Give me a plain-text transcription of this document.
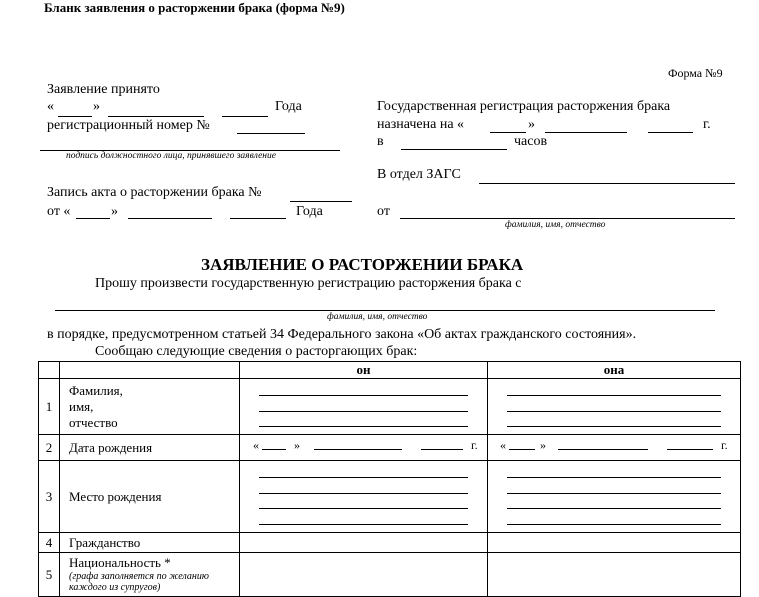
Бланк заявления о расторжении брака (форма №9)
Форма №9
Заявление принято
«	»	Года
регистрационный номер №
подпись должностного лица, принявшего заявление
Запись акта о расторжении брака №
от «	»	Года
Государственная регистрация расторжения брака
назначена на «	»	г.
в	часов
В отдел ЗАГС
от
фамилия, имя, отчество
ЗАЯВЛЕНИЕ О РАСТОРЖЕНИИ БРАКА
Прошу произвести государственную регистрацию расторжения брака с
фамилия, имя, отчество
в порядке, предусмотренном статьей 34 Федерального закона «Об актах гражданского состояния».
Сообщаю следующие сведения о расторгающих брак:
		он	она
1	Фамилия,
имя,
отчество		

2	Дата рождения	« » г.	« » г.

3	Место рождения	

4	Гражданство		
5	Национальность *
(графа заполняется по желанию каждого из супругов)		
